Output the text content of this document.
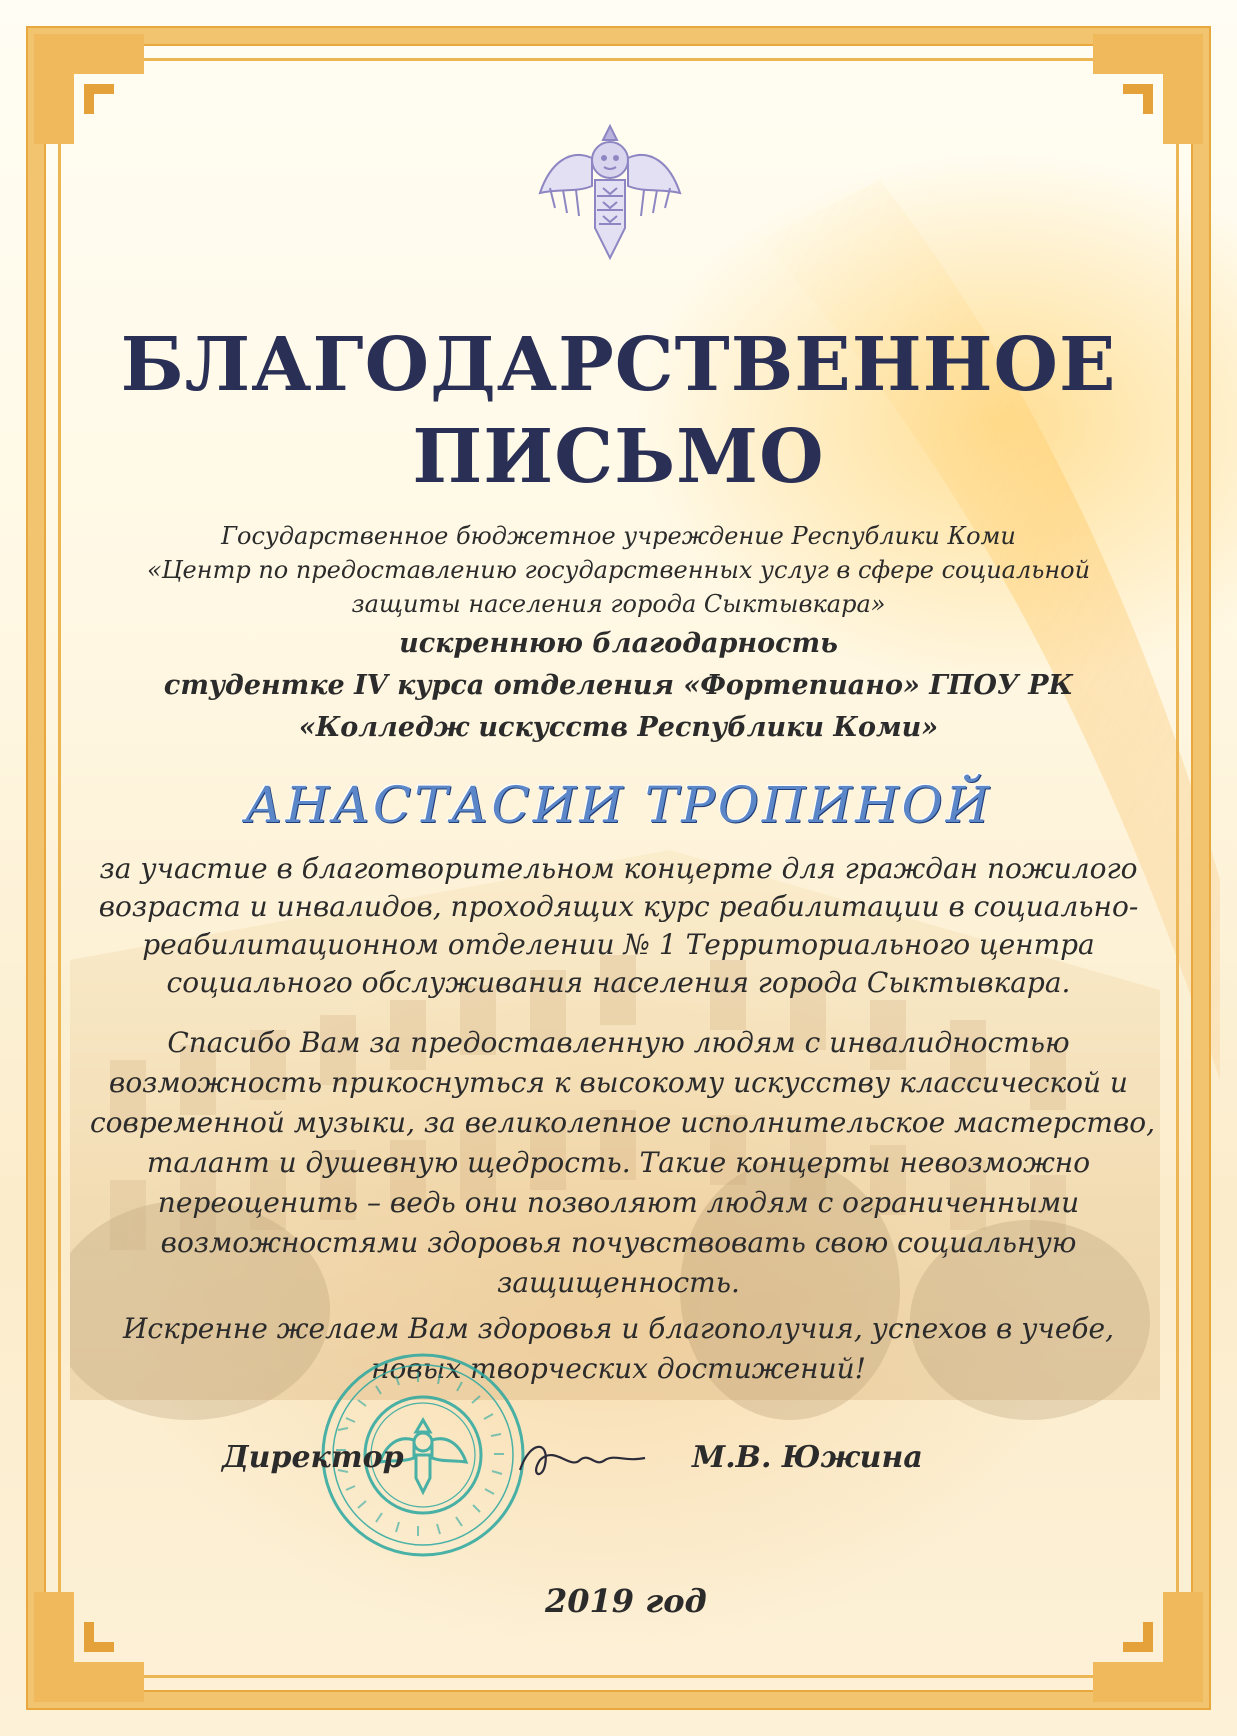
БЛАГОДАРСТВЕННОЕ
ПИСЬМО

Государственное бюджетное учреждение Республики Коми

«Центр по предоставлению государственных услуг в сфере социальной

защиты населения города Сыктывкара»

искреннюю благодарность

студентке IV курса отделения «Фортепиано» ГПОУ РК

«Колледж искусств Республики Коми»

АНАСТАСИИ ТРОПИНОЙ

за участие в благотворительном концерте для граждан пожилого

возраста и инвалидов, проходящих курс реабилитации в социально-

реабилитационном отделении № 1 Территориального центра

социального обслуживания населения города Сыктывкара.

Спасибо Вам за предоставленную людям с инвалидностью

возможность прикоснуться к высокому искусству классической и

современной музыки, за великолепное исполнительское мастерство,

талант и душевную щедрость. Такие концерты невозможно

переоценить – ведь они позволяют людям с ограниченными

возможностями здоровья почувствовать свою социальную

защищенность.

Искренне желаем Вам здоровья и благополучия, успехов в учебе,

новых творческих достижений!

Директор	М.В. Южина

2019 год
